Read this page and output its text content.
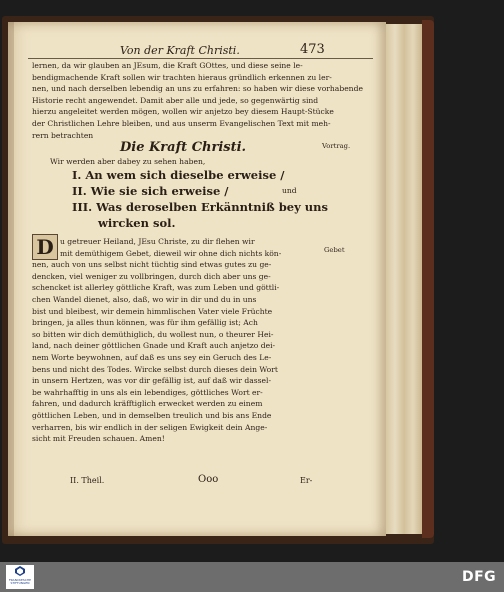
Von der Kraft Christi.	473
lernen, da wir glauben an JEsum, die Kraft GOttes, und diese seine le-
bendigmachende Kraft sollen wir trachten hieraus gründlich erkennen zu ler-
nen, und nach derselben lebendig an uns zu erfahren: so haben wir diese vorhabende
Historie recht angewendet. Damit aber alle und jede, so gegenwärtig sind
hierzu angeleitet werden mögen, wollen wir anjetzo bey diesem Haupt-Stücke
der Christlichen Lehre bleiben, und aus unserm Evangelischen Text mit meh-
rern betrachten
Vortrag.
Die Kraft Christi.
Wir werden aber dabey zu sehen haben,
I. An wem sich dieselbe erweise /
II. Wie sie sich erweise /	und
III. Was deroselben Erkänntniß bey uns
wircken sol.
D	Gebet
u getreuer Heiland, JEsu Christe, zu dir flehen wir
mit demüthigem Gebet, dieweil wir ohne dich nichts kön-
nen, auch von uns selbst nicht tüchtig sind etwas gutes zu ge-
dencken, viel weniger zu vollbringen, durch dich aber uns ge-
schencket ist allerley göttliche Kraft, was zum Leben und göttli-
chen Wandel dienet, also, daß, wo wir in dir und du in uns
bist und bleibest, wir demein himmlischen Vater viele Früchte
bringen, ja alles thun können, was für ihm gefällig ist; Ach
so bitten wir dich demüthiglich, du wollest nun, o theurer Hei-
land, nach deiner göttlichen Gnade und Kraft auch anjetzo dei-
nem Worte beywohnen, auf daß es uns sey ein Geruch des Le-
bens und nicht des Todes. Wircke selbst durch dieses dein Wort
in unsern Hertzen, was vor dir gefällig ist, auf daß wir dassel-
be wahrhafftig in uns als ein lebendiges, göttliches Wort er-
fahren, und dadurch kräfftiglich erwecket werden zu einem
göttlichen Leben, und in demselben treulich und bis ans Ende
verharren, bis wir endlich in der seligen Ewigkeit dein Ange-
sicht mit Freuden schauen. Amen!
II. Theil.	Ooo	Er-
FRANCKESCHE STIFTUNGEN	DFG
